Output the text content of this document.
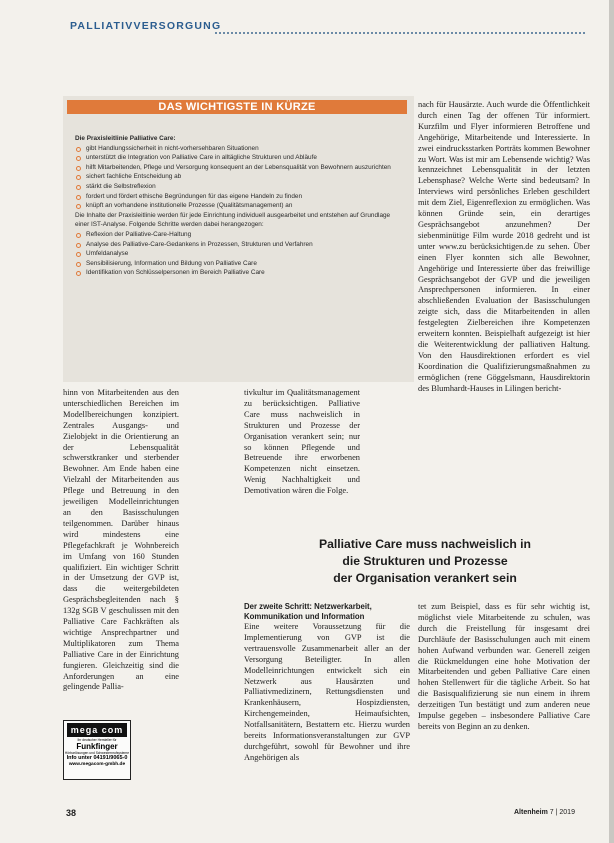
PALLIATIVVERSORGUNG
DAS WICHTIGSTE IN KÜRZE
Die Praxisleitlinie Palliative Care:
gibt Handlungssicherheit in nicht-vorhersehbaren Situationen
unterstützt die Integration von Palliative Care in alltägliche Strukturen und Abläufe
hilft Mitarbeitenden, Pflege und Versorgung konsequent an der Lebensqualität von Bewohnern auszurichten
sichert fachliche Entscheidung ab
stärkt die Selbstreflexion
fordert und fördert ethische Begründungen für das eigene Handeln zu finden
knüpft an vorhandene institutionelle Prozesse (Qualitätsmanagement) an
Die Inhalte der Praxisleitlinie werden für jede Einrichtung individuell ausgearbeitet und entstehen auf Grundlage einer IST-Analyse. Folgende Schritte werden dabei herangezogen:
Reflexion der Palliative-Care-Haltung
Analyse des Palliative-Care-Gedankens in Prozessen, Strukturen und Verfahren
Umfeldanalyse
Sensibilisierung, Information und Bildung von Palliative Care
Identifikation von Schlüsselpersonen im Bereich Palliative Care

hinn von Mitarbeitenden aus den unterschiedlichen Bereichen im Modellbereichungen konzipiert. Zentrales Ausgangs- und Zielobjekt in die Orientierung an der Lebensqualität schwerstkranker und sterbender Bewohner. Am Ende haben eine Vielzahl der Mitarbeitenden aus Pflege und Betreuung in den jeweiligen Modelleinrichtungen an den Basisschulungen teilgenommen. Darüber hinaus wird mindestens eine Pflegefachkraft je Wohnbereich im Umfang von 160 Stunden qualifiziert. Ein wichtiger Schritt in der Umsetzung der GVP ist, dass die weitergebildeten Gesprächsbegleitenden nach § 132g SGB V geschulissen mit den Palliative Care Fachkräften als wichtige Ansprechpartner und Multiplikatoren zum Thema Palliative Care in der Einrichtung fungieren. Gleichzeitig sind die Anforderungen an eine gelingende Pallia-

tivkultur im Qualitätsmanagement zu berücksichtigen. Palliative Care muss nachweislich in Strukturen und Prozesse der Organisation verankert sein; nur so können Pflegende und Betreuende ihre erworbenen Kompetenzen nicht einsetzen. Wenig Nachhaltigkeit und Demotivation wären die Folge.

nach für Hausärzte. Auch wurde die Öffentlichkeit durch einen Tag der offenen Tür informiert. Kurzfilm und Flyer informieren Betroffene und Angehörige, Mitarbeitende und Interessierte. In zwei eindrucksstarken Porträts kommen Bewohner zu Wort. Was ist mir am Lebensende wichtig? Was kennzeichnet Lebensqualität in der letzten Lebensphase? Welche Werte sind bedeutsam? In Interviews wird persönliches Erleben geschildert mit dem Ziel, Eigenreflexion zu ermöglichen. Was können Gründe sein, ein derartiges Gesprächsangebot anzunehmen? Der siebenminütige Film wurde 2018 gedreht und ist unter www.zu berücksichtigen.de zu sehen. Über einen Flyer konnten sich alle Bewohner, Angehörige und Interessierte über das freiwillige Gesprächsangebot der GVP und die jeweiligen Ansprechpersonen informieren. In einer abschließenden Evaluation der Basisschulungen zeigte sich, dass die Mitarbeitenden in allen festgelegten Zielbereichen ihre Kompetenzen erweitern konnten. Beispielhaft aufgezeigt ist hier die Weiterentwicklung der palliativen Haltung. Von den Hausdirektionen erfordert es viel Koordination die Qualifizierungsmaßnahmen zu ermöglichen (rene Göggelsmann, Hausdirektorin des Blumhardt-Hauses in Lilingen bericht-

Palliative Care muss nachweislich in
die Strukturen und Prozesse
der Organisation verankert sein
Der zweite Schritt: Netzwerkarbeit, Kommunikation und Information
Eine weitere Voraussetzung für die Implementierung von GVP ist die vertrauensvolle Zusammenarbeit aller an der Versorgung Beteiligter. In allen Modelleinrichtungen entwickelt sich ein Netzwerk aus Hausärzten und Palliativmedizinern, Rettungsdiensten und Krankenhäusern, Hospizdiensten, Kirchengemeinden, Heimaufsichten, Notfallsanitätern, Bestattern etc. Hierzu wurden bereits Informationsveranstaltungen zur GVP durchgeführt, sowohl für Bewohner und ihre Angehörigen als

tet zum Beispiel, dass es für sehr wichtig ist, möglichst viele Mitarbeitende zu schulen, was durch die Freistellung für insgesamt drei Durchläufe der Basisschulungen auch mit einem hohen Aufwand verbunden war. Generell zeigen die Rückmeldungen eine hohe Motivation der Mitarbeitenden und geben Palliative Care einen hohen Stellenwert für die tägliche Arbeit. So hat die Basisqualifizierung sie nun einem in ihrem derzeitigen Tun bestätigt und zum anderen neue Impulse gegeben – insbesondere Palliative Care bereits von Beginn an zu denken.

mega com
Ihr deutscher Hersteller für
Funkfinger
Hörbarlösungen und Schwesternrufsysteme
Info unter 04191/9065-0
www.megacom-gmbh.de
38	Altenheim 7 | 2019
